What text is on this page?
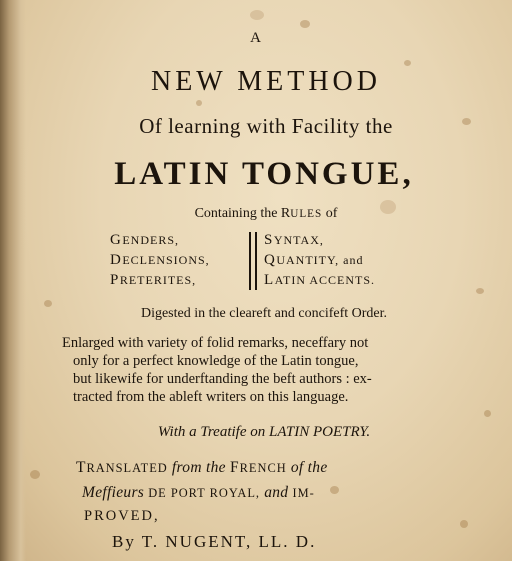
A
NEW METHOD
Of learning with Facility the
LATIN TONGUE,
Containing the RULES of
GENDERS,
DECLENSIONS,
PRETERITES,
SYNTAX,
QUANTITY, and
LATIN ACCENTS.
Digested in the cleareft and concifeft Order.
Enlarged with variety of folid remarks, neceffary not
only for a perfect knowledge of the Latin tongue,
but likewife for underftanding the beft authors : ex-
tracted from the ableft writers on this language.
With a Treatife on LATIN POETRY.
TRANSLATED from the FRENCH of the
Meffieurs DE PORT ROYAL, and IM-
PROVED,
By T. NUGENT, LL. D.
